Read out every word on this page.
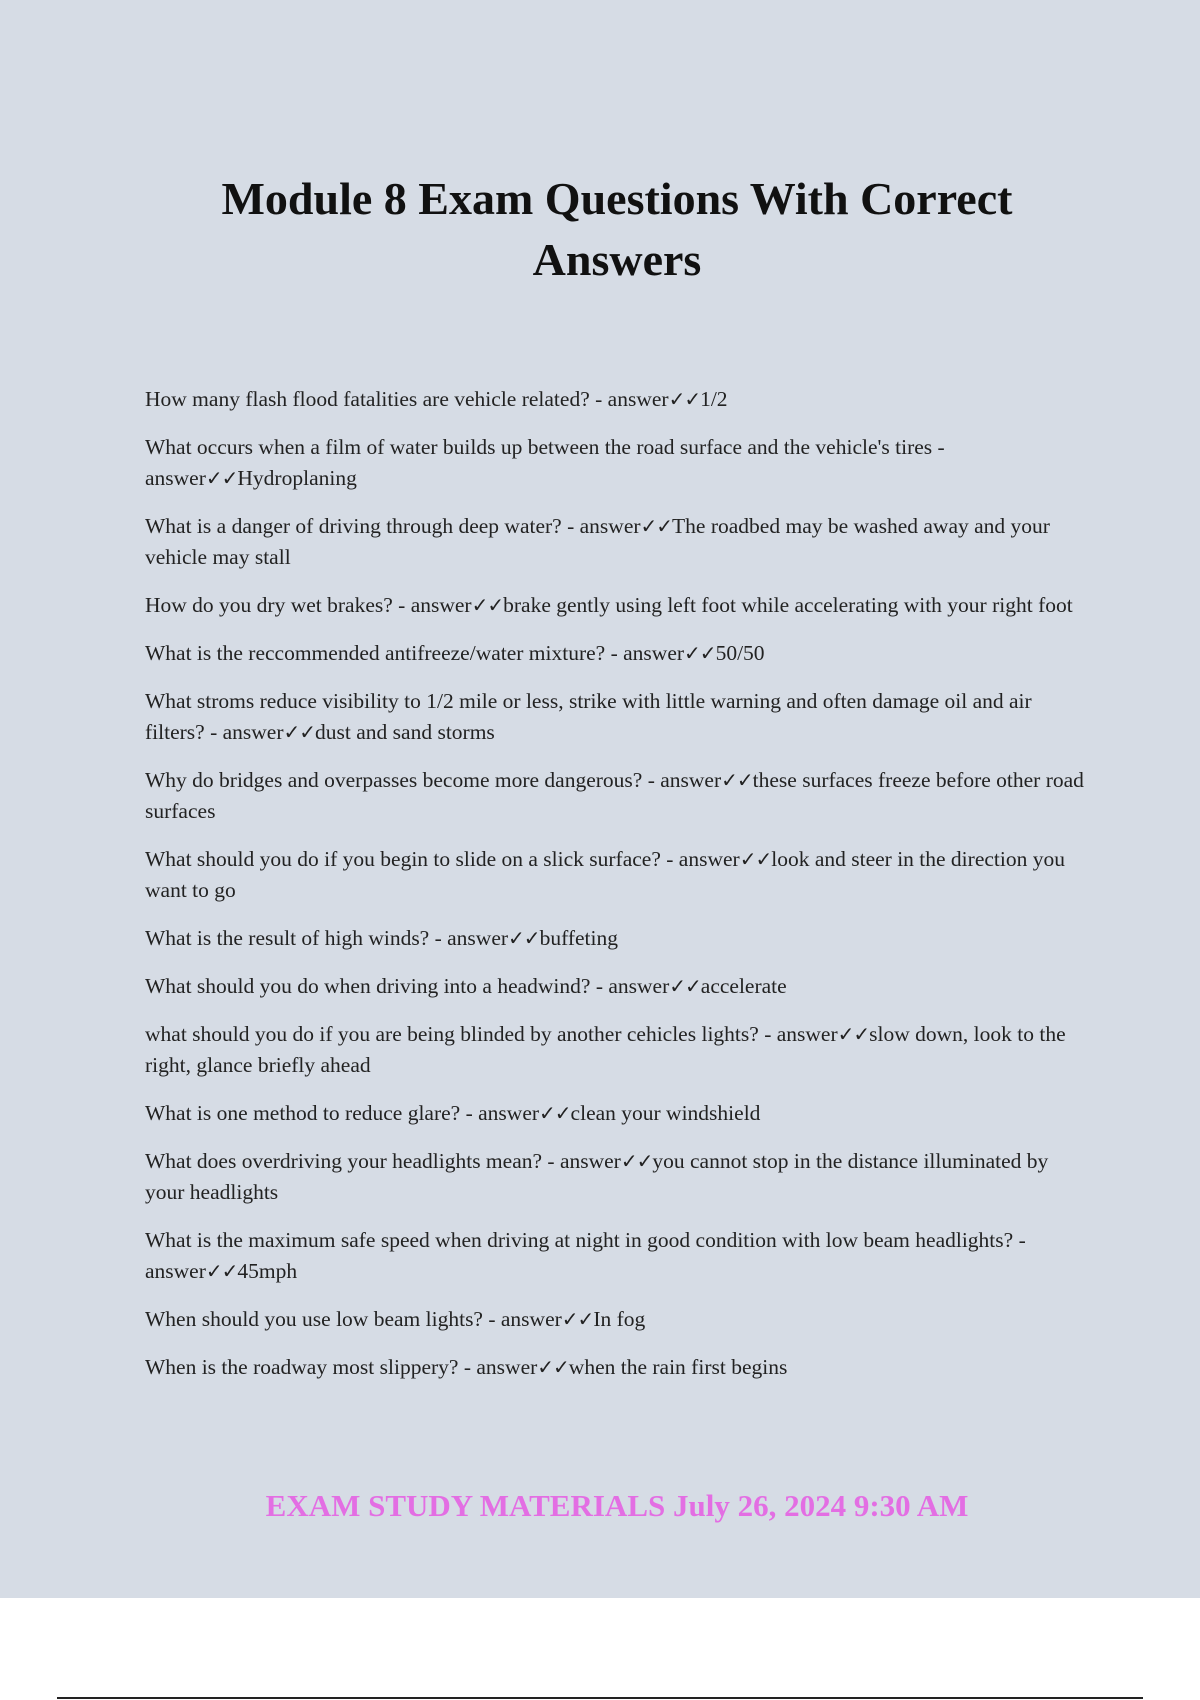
Module 8 Exam Questions With Correct Answers
How many flash flood fatalities are vehicle related? - answer✓✓1/2
What occurs when a film of water builds up between the road surface and the vehicle's tires - answer✓✓Hydroplaning
What is a danger of driving through deep water? - answer✓✓The roadbed may be washed away and your vehicle may stall
How do you dry wet brakes? - answer✓✓brake gently using left foot while accelerating with your right foot
What is the reccommended antifreeze/water mixture? - answer✓✓50/50
What stroms reduce visibility to 1/2 mile or less, strike with little warning and often damage oil and air filters? - answer✓✓dust and sand storms
Why do bridges and overpasses become more dangerous? - answer✓✓these surfaces freeze before other road surfaces
What should you do if you begin to slide on a slick surface? - answer✓✓look and steer in the direction you want to go
What is the result of high winds? - answer✓✓buffeting
What should you do when driving into a headwind? - answer✓✓accelerate
what should you do if you are being blinded by another cehicles lights? - answer✓✓slow down, look to the right, glance briefly ahead
What is one method to reduce glare? - answer✓✓clean your windshield
What does overdriving your headlights mean? - answer✓✓you cannot stop in the distance illuminated by your headlights
What is the maximum safe speed when driving at night in good condition with low beam headlights? - answer✓✓45mph
When should you use low beam lights? - answer✓✓In fog
When is the roadway most slippery? - answer✓✓when the rain first begins
EXAM STUDY MATERIALS July 26, 2024 9:30 AM
